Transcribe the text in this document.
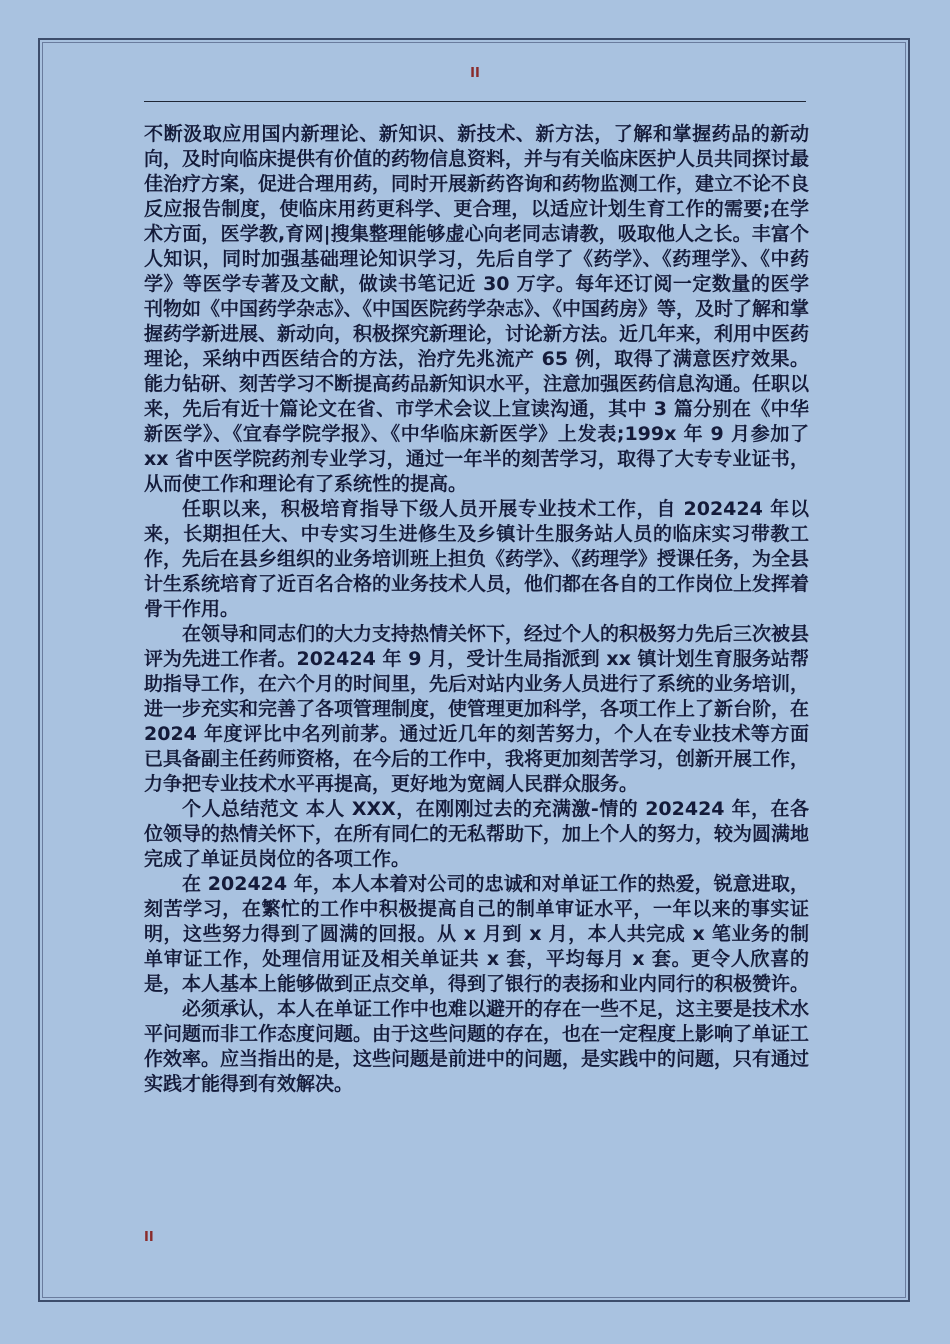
II

不断汲取应用国内新理论、新知识、新技术、新方法，了解和掌握药品的新动向，及时向临床提供有价值的药物信息资料，并与有关临床医护人员共同探讨最佳治疗方案，促进合理用药，同时开展新药咨询和药物监测工作，建立不论不良反应报告制度，使临床用药更科学、更合理，以适应计划生育工作的需要;在学术方面，医学教,育网|搜集整理能够虚心向老同志请教，吸取他人之长。丰富个人知识，同时加强基础理论知识学习，先后自学了《药学》、《药理学》、《中药学》等医学专著及文献，做读书笔记近 30 万字。每年还订阅一定数量的医学刊物如《中国药学杂志》、《中国医院药学杂志》、《中国药房》等，及时了解和掌握药学新进展、新动向，积极探究新理论，讨论新方法。近几年来，利用中医药理论，采纳中西医结合的方法，治疗先兆流产 65 例，取得了满意医疗效果。能力钻研、刻苦学习不断提高药品新知识水平，注意加强医药信息沟通。任职以来，先后有近十篇论文在省、市学术会议上宣读沟通，其中 3 篇分别在《中华新医学》、《宜春学院学报》、《中华临床新医学》上发表;199x 年 9 月参加了 xx 省中医学院药剂专业学习，通过一年半的刻苦学习，取得了大专专业证书，从而使工作和理论有了系统性的提高。

任职以来，积极培育指导下级人员开展专业技术工作，自 202424 年以来，长期担任大、中专实习生进修生及乡镇计生服务站人员的临床实习带教工作，先后在县乡组织的业务培训班上担负《药学》、《药理学》授课任务，为全县计生系统培育了近百名合格的业务技术人员，他们都在各自的工作岗位上发挥着骨干作用。

在领导和同志们的大力支持热情关怀下，经过个人的积极努力先后三次被县评为先进工作者。202424 年 9 月，受计生局指派到 xx 镇计划生育服务站帮助指导工作，在六个月的时间里，先后对站内业务人员进行了系统的业务培训，进一步充实和完善了各项管理制度，使管理更加科学，各项工作上了新台阶，在 2024 年度评比中名列前茅。通过近几年的刻苦努力，个人在专业技术等方面已具备副主任药师资格，在今后的工作中，我将更加刻苦学习，创新开展工作，力争把专业技术水平再提高，更好地为宽阔人民群众服务。

个人总结范文 本人 XXX，在刚刚过去的充满激-情的 202424 年，在各位领导的热情关怀下，在所有同仁的无私帮助下，加上个人的努力，较为圆满地完成了单证员岗位的各项工作。

在 202424 年，本人本着对公司的忠诚和对单证工作的热爱，锐意进取，刻苦学习，在繁忙的工作中积极提高自己的制单审证水平，一年以来的事实证明，这些努力得到了圆满的回报。从 x 月到 x 月，本人共完成 x 笔业务的制单审证工作，处理信用证及相关单证共 x 套，平均每月 x 套。更令人欣喜的是，本人基本上能够做到正点交单，得到了银行的表扬和业内同行的积极赞许。

必须承认，本人在单证工作中也难以避开的存在一些不足，这主要是技术水平问题而非工作态度问题。由于这些问题的存在，也在一定程度上影响了单证工作效率。应当指出的是，这些问题是前进中的问题，是实践中的问题，只有通过实践才能得到有效解决。

II
